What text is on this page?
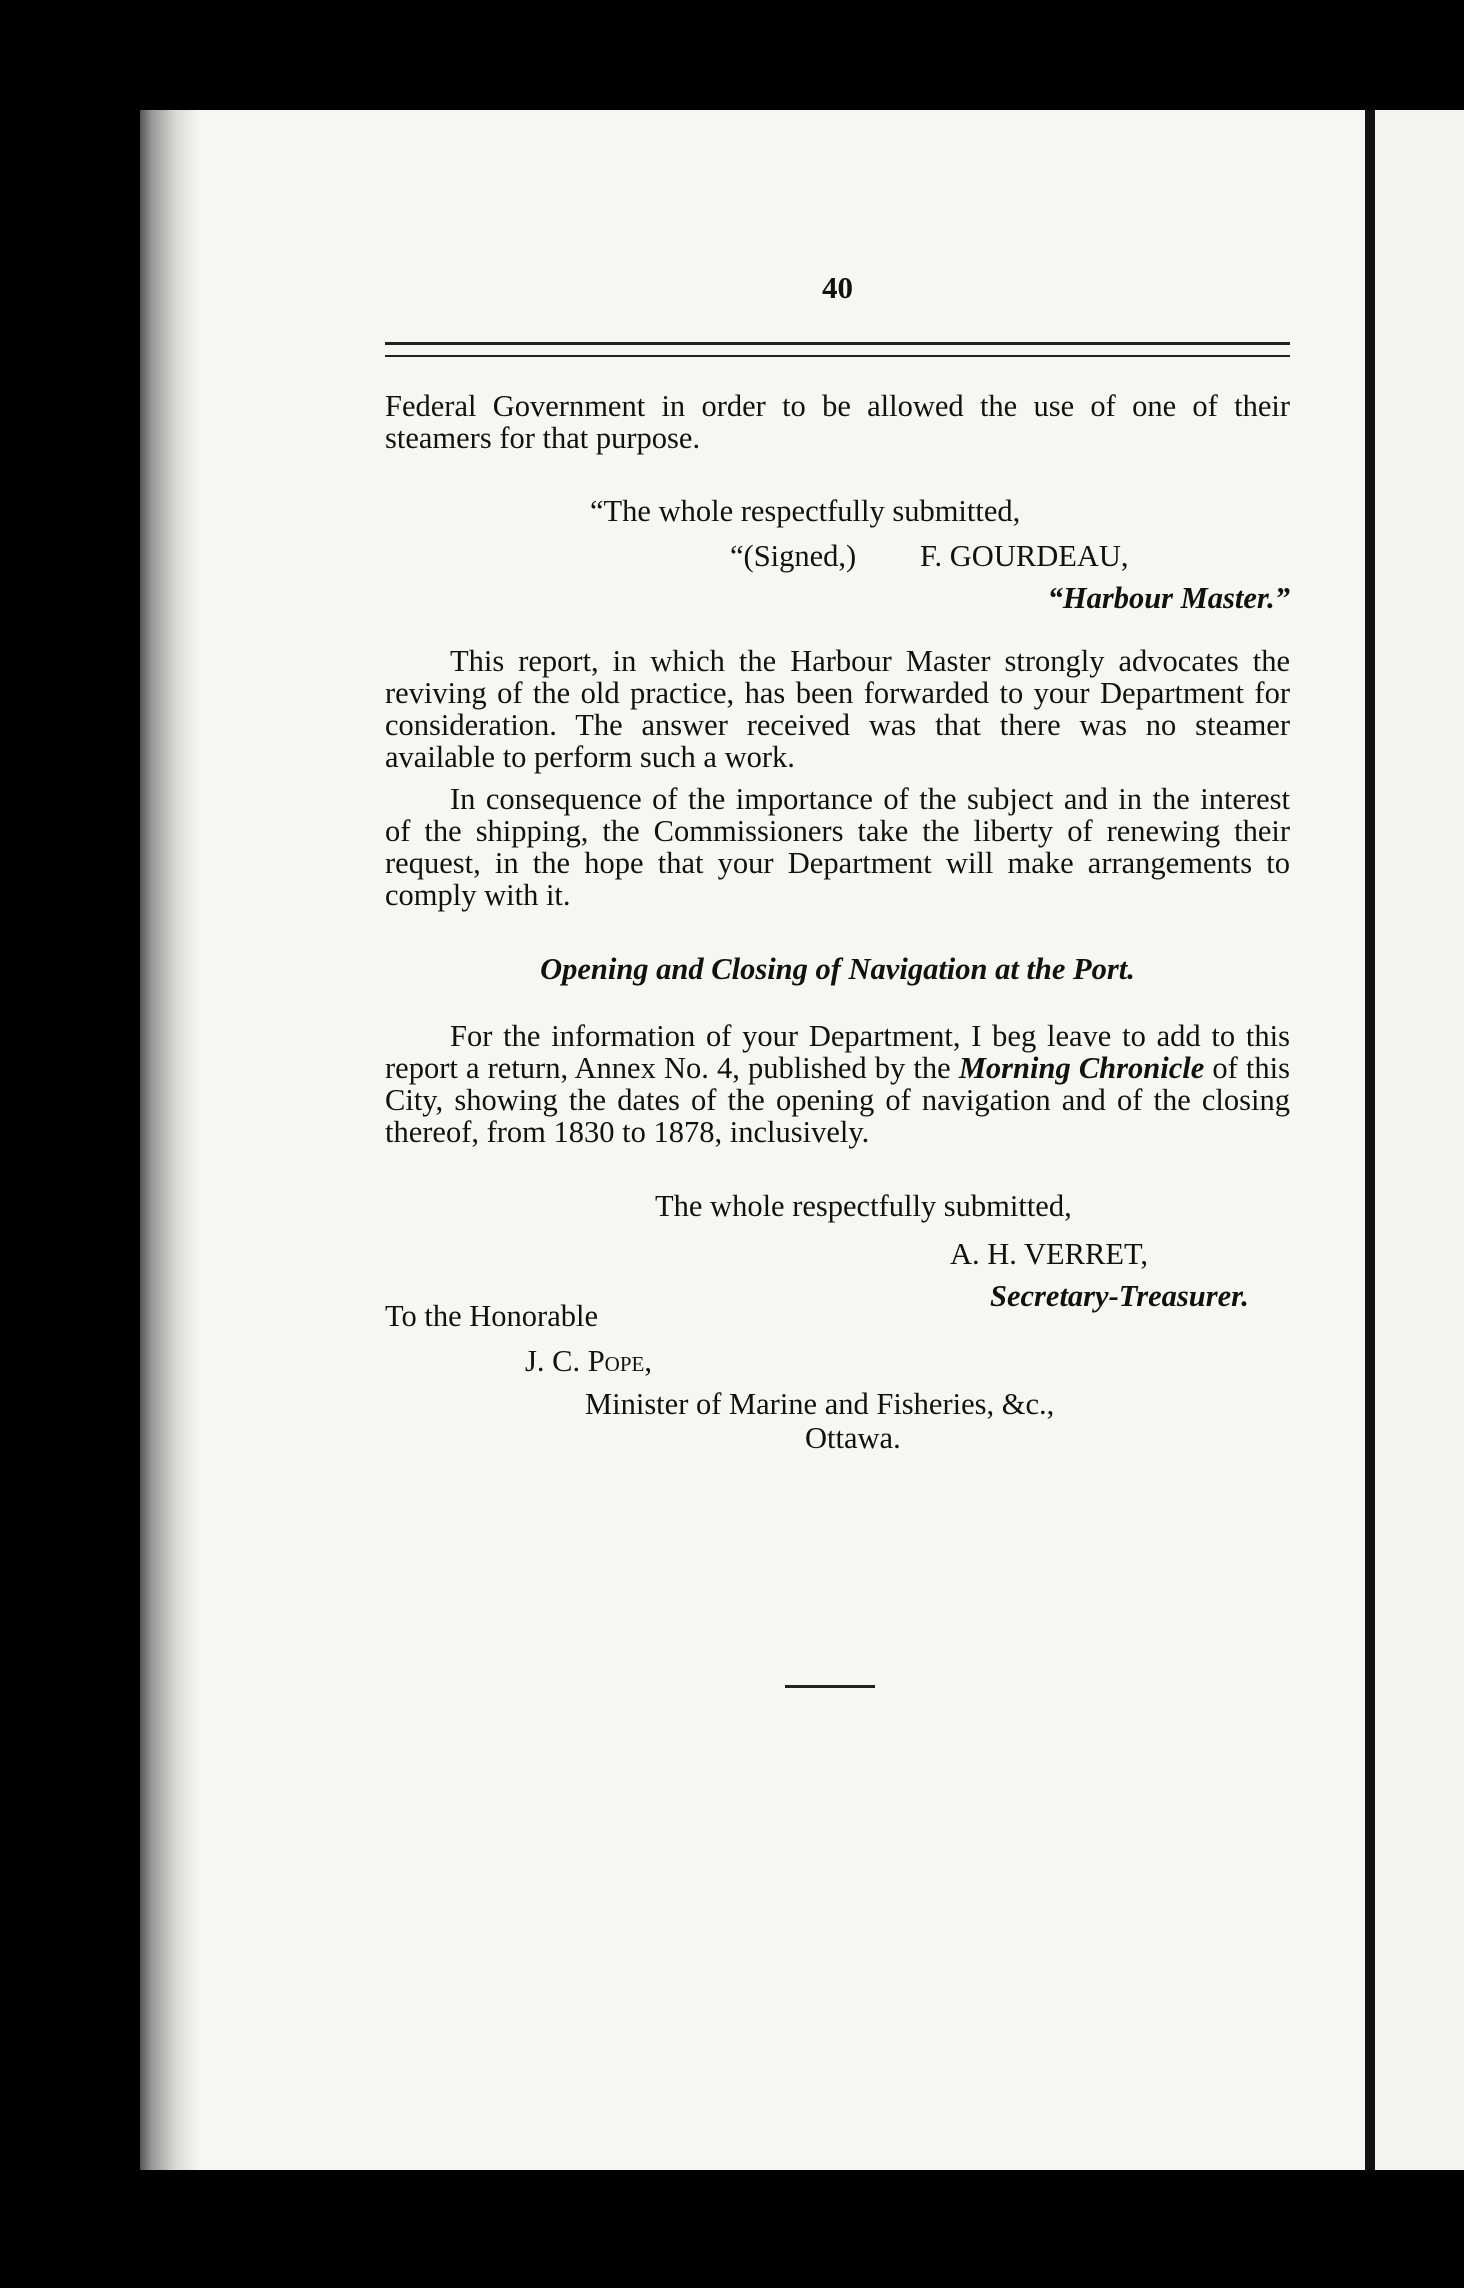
40
Federal Government in order to be allowed the use of one of their steamers for that purpose.
“The whole respectfully submitted,
“(Signed,)	F. GOURDEAU,
“Harbour Master.”
This report, in which the Harbour Master strongly advocates the reviving of the old practice, has been forwarded to your Department for consideration. The answer received was that there was no steamer available to perform such a work.
In consequence of the importance of the subject and in the interest of the shipping, the Commissioners take the liberty of renewing their request, in the hope that your Department will make arrangements to comply with it.
Opening and Closing of Navigation at the Port.
For the information of your Department, I beg leave to add to this report a return, Annex No. 4, published by the Morning Chronicle of this City, showing the dates of the opening of navigation and of the closing thereof, from 1830 to 1878, inclusively.
The whole respectfully submitted,
A. H. VERRET,
Secretary-Treasurer.
To the Honorable
J. C. Pope,
Minister of Marine and Fisheries, &c.,
Ottawa.
